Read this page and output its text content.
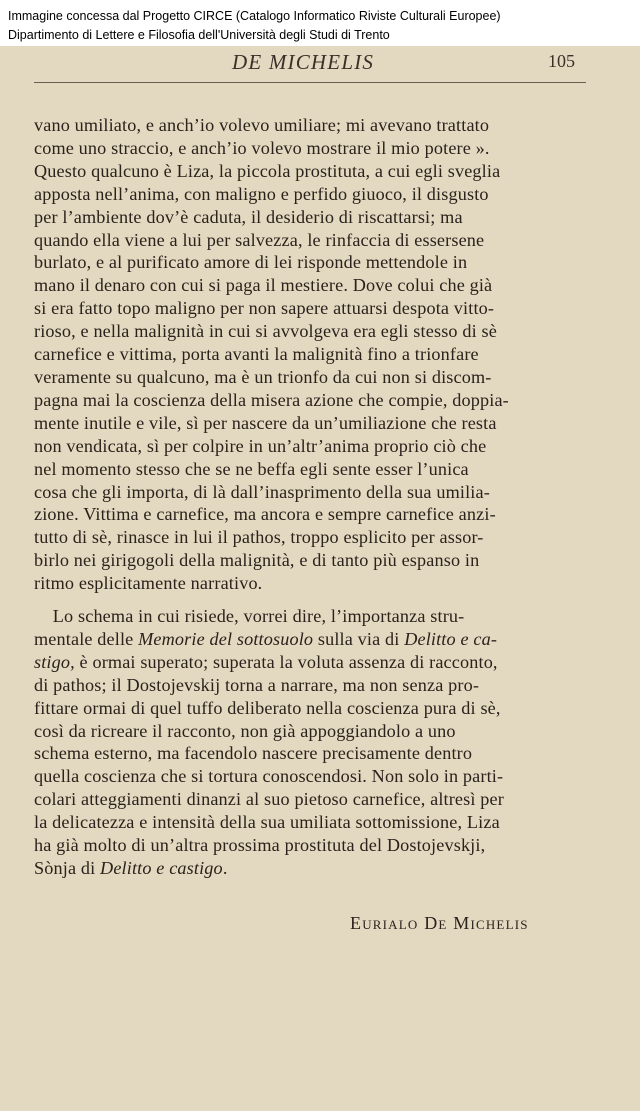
Immagine concessa dal Progetto CIRCE (Catalogo Informatico Riviste Culturali Europee)
Dipartimento di Lettere e Filosofia dell'Università degli Studi di Trento
DE MICHELIS	105
vano umiliato, e anch’io volevo umiliare; mi avevano trattato
come uno straccio, e anch’io volevo mostrare il mio potere ».
Questo qualcuno è Liza, la piccola prostituta, a cui egli sveglia
apposta nell’anima, con maligno e perfido giuoco, il disgusto
per l’ambiente dov’è caduta, il desiderio di riscattarsi; ma
quando ella viene a lui per salvezza, le rinfaccia di essersene
burlato, e al purificato amore di lei risponde mettendole in
mano il denaro con cui si paga il mestiere. Dove colui che già
si era fatto topo maligno per non sapere attuarsi despota vitto-
rioso, e nella malignità in cui si avvolgeva era egli stesso di sè
carnefice e vittima, porta avanti la malignità fino a trionfare
veramente su qualcuno, ma è un trionfo da cui non si discom-
pagna mai la coscienza della misera azione che compie, doppia-
mente inutile e vile, sì per nascere da un’umiliazione che resta
non vendicata, sì per colpire in un’altr’anima proprio ciò che
nel momento stesso che se ne beffa egli sente esser l’unica
cosa che gli importa, di là dall’inasprimento della sua umilia-
zione. Vittima e carnefice, ma ancora e sempre carnefice anzi-
tutto di sè, rinasce in lui il pathos, troppo esplicito per assor-
birlo nei girigogoli della malignità, e di tanto più espanso in
ritmo esplicitamente narrativo.
Lo schema in cui risiede, vorrei dire, l’importanza stru-
mentale delle Memorie del sottosuolo sulla via di Delitto e ca-
stigo, è ormai superato; superata la voluta assenza di racconto,
di pathos; il Dostojevskij torna a narrare, ma non senza pro-
fittare ormai di quel tuffo deliberato nella coscienza pura di sè,
così da ricreare il racconto, non già appoggiandolo a uno
schema esterno, ma facendolo nascere precisamente dentro
quella coscienza che si tortura conoscendosi. Non solo in parti-
colari atteggiamenti dinanzi al suo pietoso carnefice, altresì per
la delicatezza e intensità della sua umiliata sottomissione, Liza
ha già molto di un’altra prossima prostituta del Dostojevskji,
Sònja di Delitto e castigo.
Eurialo De Michelis
